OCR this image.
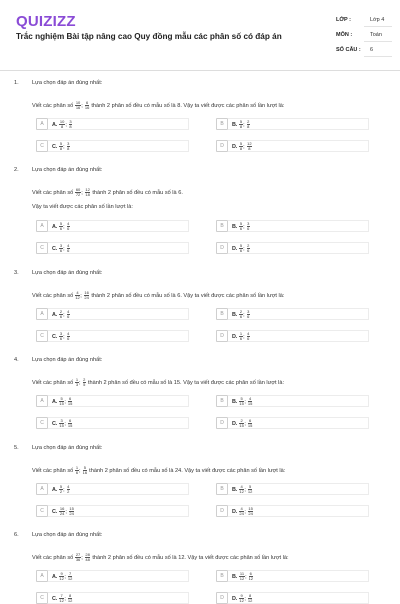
QUIZIZZ
Trắc nghiệm Bài tập nâng cao Quy đồng mẫu các phân số có đáp án
LỚP :	Lớp 4
MÔN :	Toán
SỐ CÂU : 6
1. Lựa chọn đáp án đúng nhất:
Viết các phân số $\frac{10}{16}$ ; $\frac{6}{16}$ thành 2 phân số đều có mẫu số là 8. Vậy ta viết được các phân số lần lượt là:
A	A. $\frac{10}{8}$ ; $\frac{3}{8}$	B	B. $\frac{5}{8}$ ; $\frac{2}{8}$
C	C. $\frac{5}{8}$ ; $\frac{3}{8}$	D	D. $\frac{5}{8}$ ; $\frac{12}{8}$
2. Lựa chọn đáp án đúng nhất:
Viết các phân số $\frac{60}{72}$ ; $\frac{12}{18}$ thành 2 phân số đều có mẫu số là 6.
Vậy ta viết được các phân số lần lượt là:
A	A. $\frac{5}{6}$ ; $\frac{4}{6}$	B	B. $\frac{5}{6}$ ; $\frac{3}{6}$
C	C. $\frac{3}{6}$ ; $\frac{4}{6}$	D	D. $\frac{5}{6}$ ; $\frac{2}{6}$
3. Lựa chọn đáp án đúng nhất:
Viết các phân số $\frac{4}{12}$ ; $\frac{16}{24}$ thành 2 phân số đều có mẫu số là 6. Vậy ta viết được các phân số lần lượt là:
A	A. $\frac{2}{6}$ ; $\frac{4}{6}$	B	B. $\frac{2}{6}$ ; $\frac{3}{6}$
C	C. $\frac{3}{6}$ ; $\frac{4}{6}$	D	D. $\frac{1}{6}$ ; $\frac{4}{6}$
4. Lựa chọn đáp án đúng nhất:
Viết các phân số $\frac{1}{3}$ ; $\frac{2}{5}$ thành 2 phân số đều có mẫu số là 15. Vậy ta viết được các phân số lần lượt là:
A	A. $\frac{5}{15}$ ; $\frac{6}{15}$	B	B. $\frac{5}{15}$ ; $\frac{4}{15}$
C	C. $\frac{3}{15}$ ; $\frac{6}{15}$	D	D. $\frac{2}{15}$ ; $\frac{6}{15}$
5. Lựa chọn đáp án đúng nhất:
Viết các phân số $\frac{1}{6}$ ; $\frac{5}{16}$ thành 2 phân số đều có mẫu số là 24. Vậy ta viết được các phân số lần lượt là:
A	A. $\frac{5}{2}$ ; $\frac{4}{2}$	B	B. $\frac{4}{12}$ ; $\frac{5}{12}$
C	C. $\frac{16}{24}$ ; $\frac{15}{24}$	D	D. $\frac{4}{24}$ ; $\frac{15}{24}$
6. Lựa chọn đáp án đúng nhất:
Viết các phân số $\frac{27}{36}$ ; $\frac{28}{48}$ thành 2 phân số đều có mẫu số là 12. Vậy ta viết được các phân số lần lượt là:
A	A. $\frac{9}{12}$ ; $\frac{7}{12}$	B	B. $\frac{11}{12}$ ; $\frac{6}{12}$
C	C. $\frac{7}{12}$ ; $\frac{8}{12}$	D	D. $\frac{9}{12}$ ; $\frac{8}{12}$
